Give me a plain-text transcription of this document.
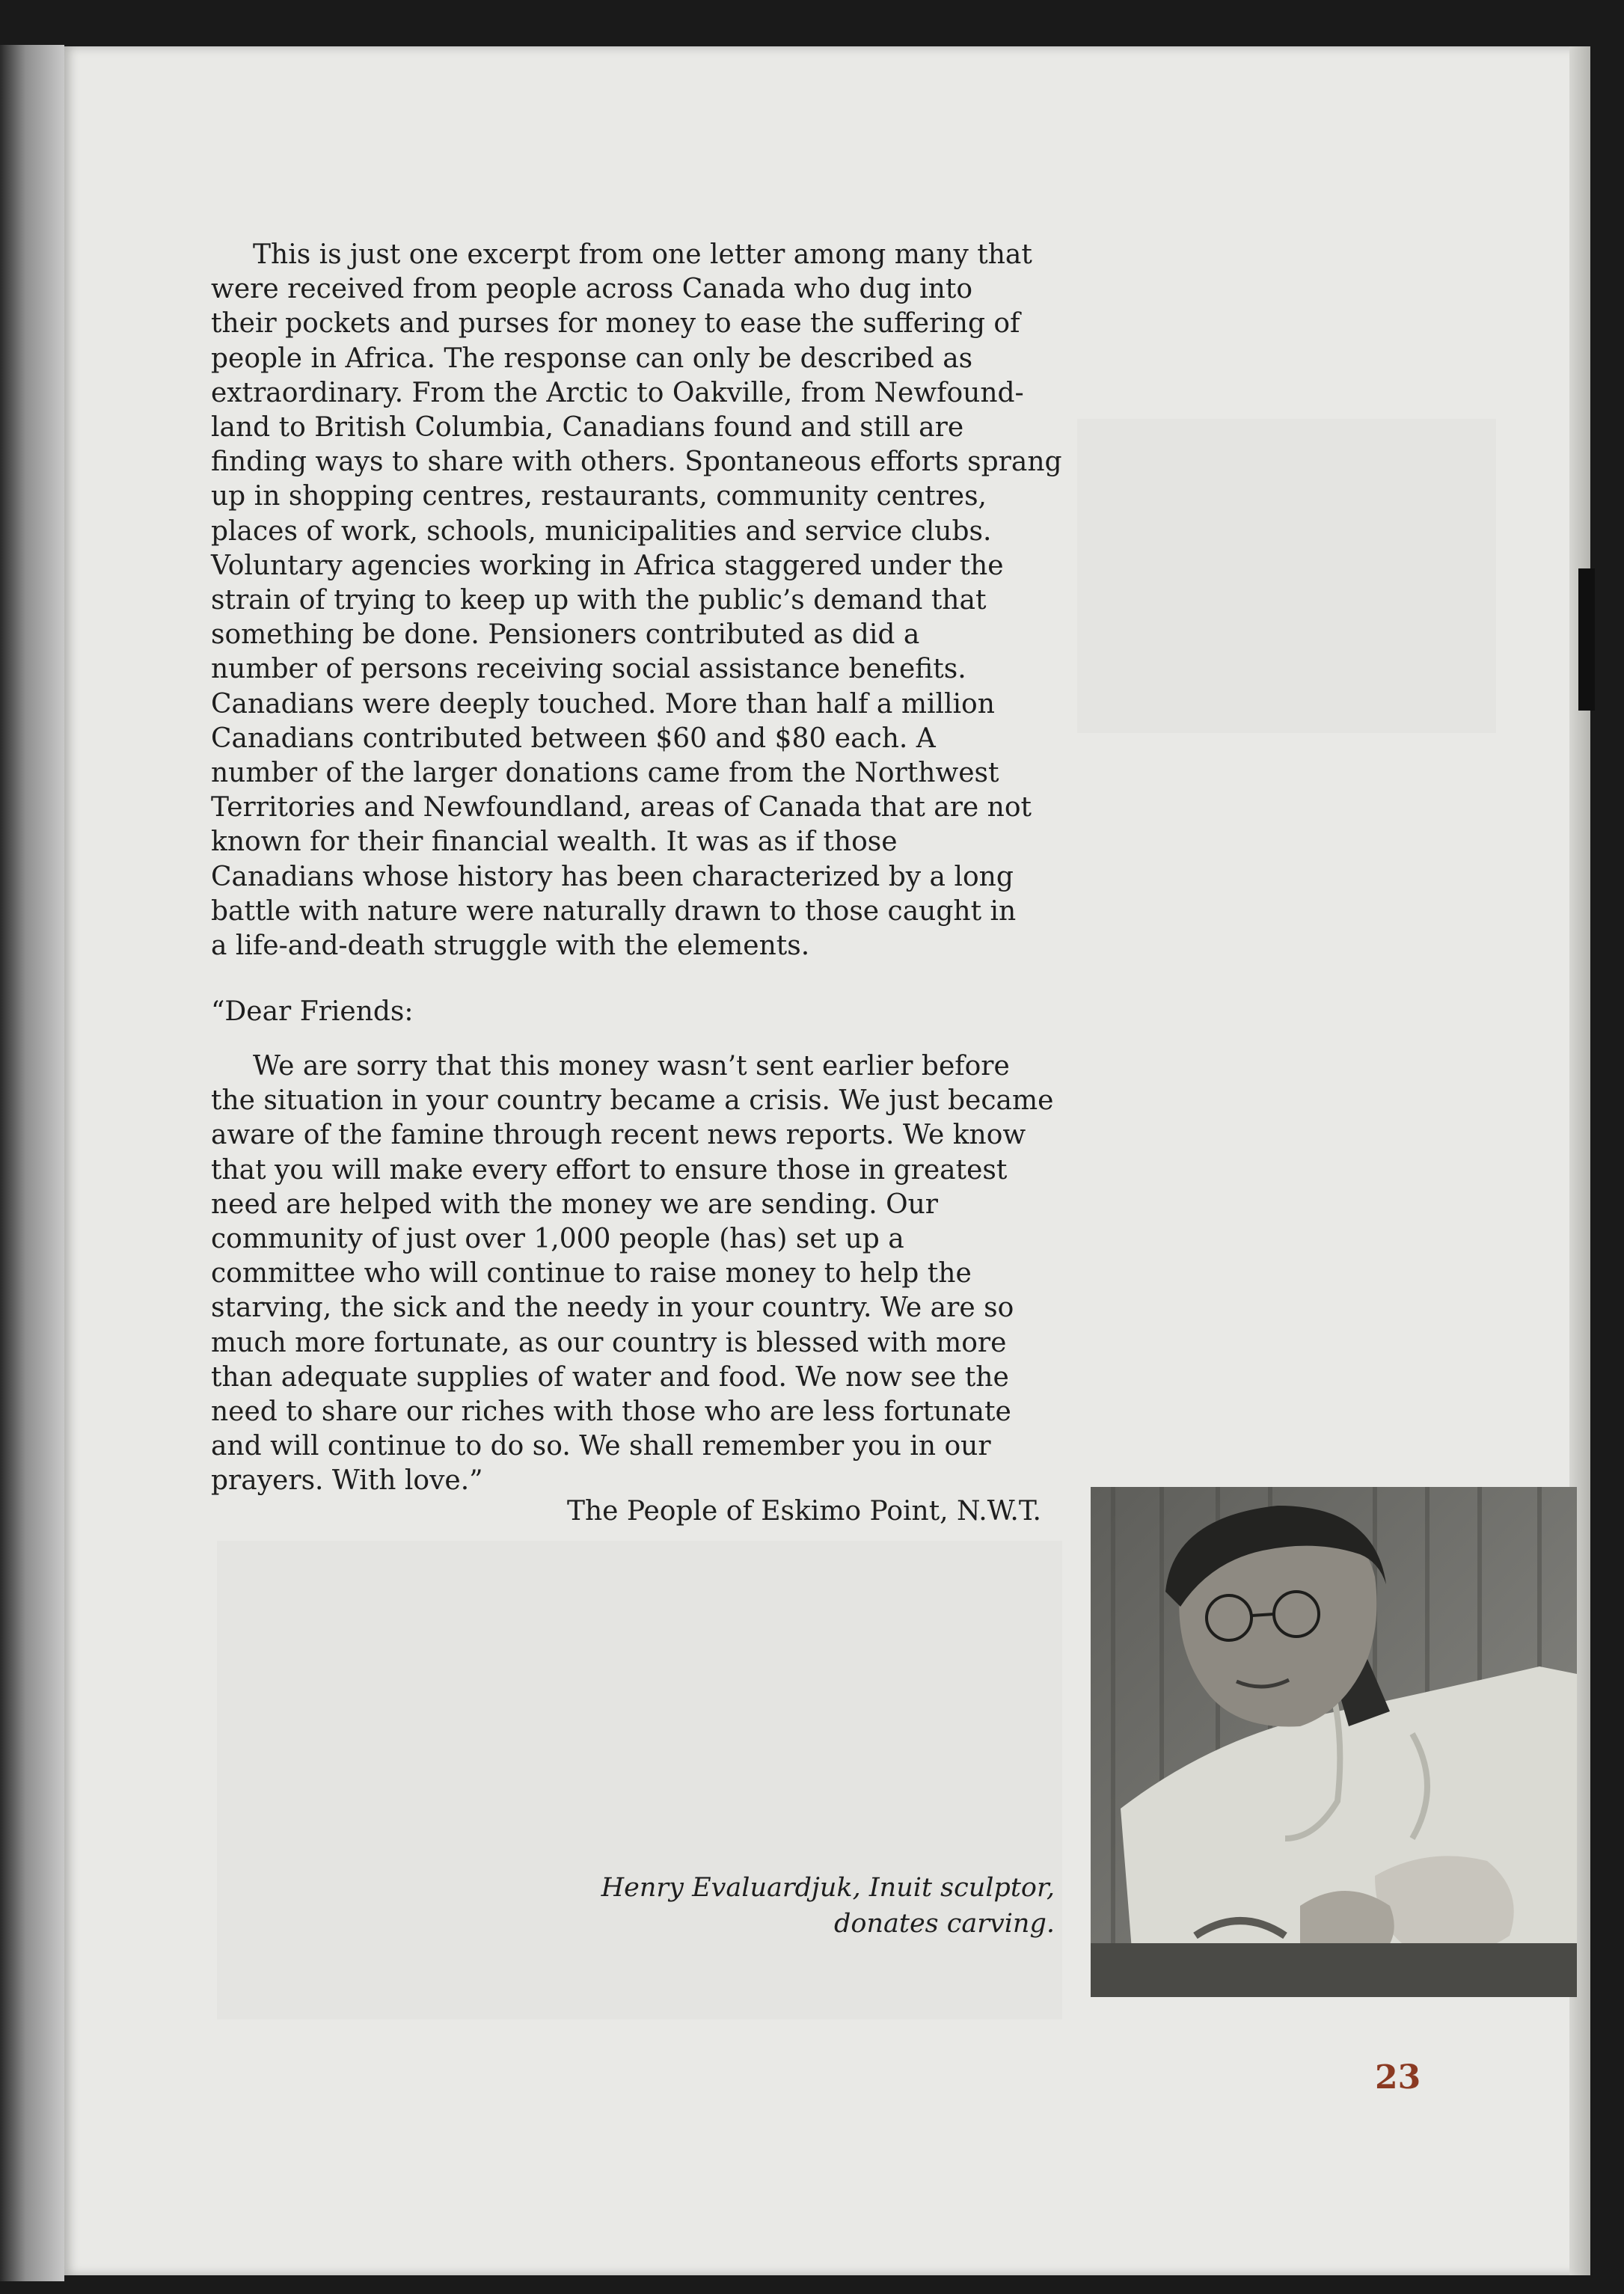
This is just one excerpt from one letter among many that
were received from people across Canada who dug into
their pockets and purses for money to ease the suffering of
people in Africa. The response can only be described as
extraordinary. From the Arctic to Oakville, from Newfound-
land to British Columbia, Canadians found and still are
finding ways to share with others. Spontaneous efforts sprang
up in shopping centres, restaurants, community centres,
places of work, schools, municipalities and service clubs.
Voluntary agencies working in Africa staggered under the
strain of trying to keep up with the public’s demand that
something be done. Pensioners contributed as did a
number of persons receiving social assistance benefits.
Canadians were deeply touched. More than half a million
Canadians contributed between $60 and $80 each. A
number of the larger donations came from the Northwest
Territories and Newfoundland, areas of Canada that are not
known for their financial wealth. It was as if those
Canadians whose history has been characterized by a long
battle with nature were naturally drawn to those caught in
a life-and-death struggle with the elements.

“Dear Friends:

We are sorry that this money wasn’t sent earlier before
the situation in your country became a crisis. We just became
aware of the famine through recent news reports. We know
that you will make every effort to ensure those in greatest
need are helped with the money we are sending. Our
community of just over 1,000 people (has) set up a
committee who will continue to raise money to help the
starving, the sick and the needy in your country. We are so
much more fortunate, as our country is blessed with more
than adequate supplies of water and food. We now see the
need to share our riches with those who are less fortunate
and will continue to do so. We shall remember you in our
prayers. With love.”

The People of Eskimo Point, N.W.T.
Henry Evaluardjuk, Inuit sculptor,
donates carving.
23
